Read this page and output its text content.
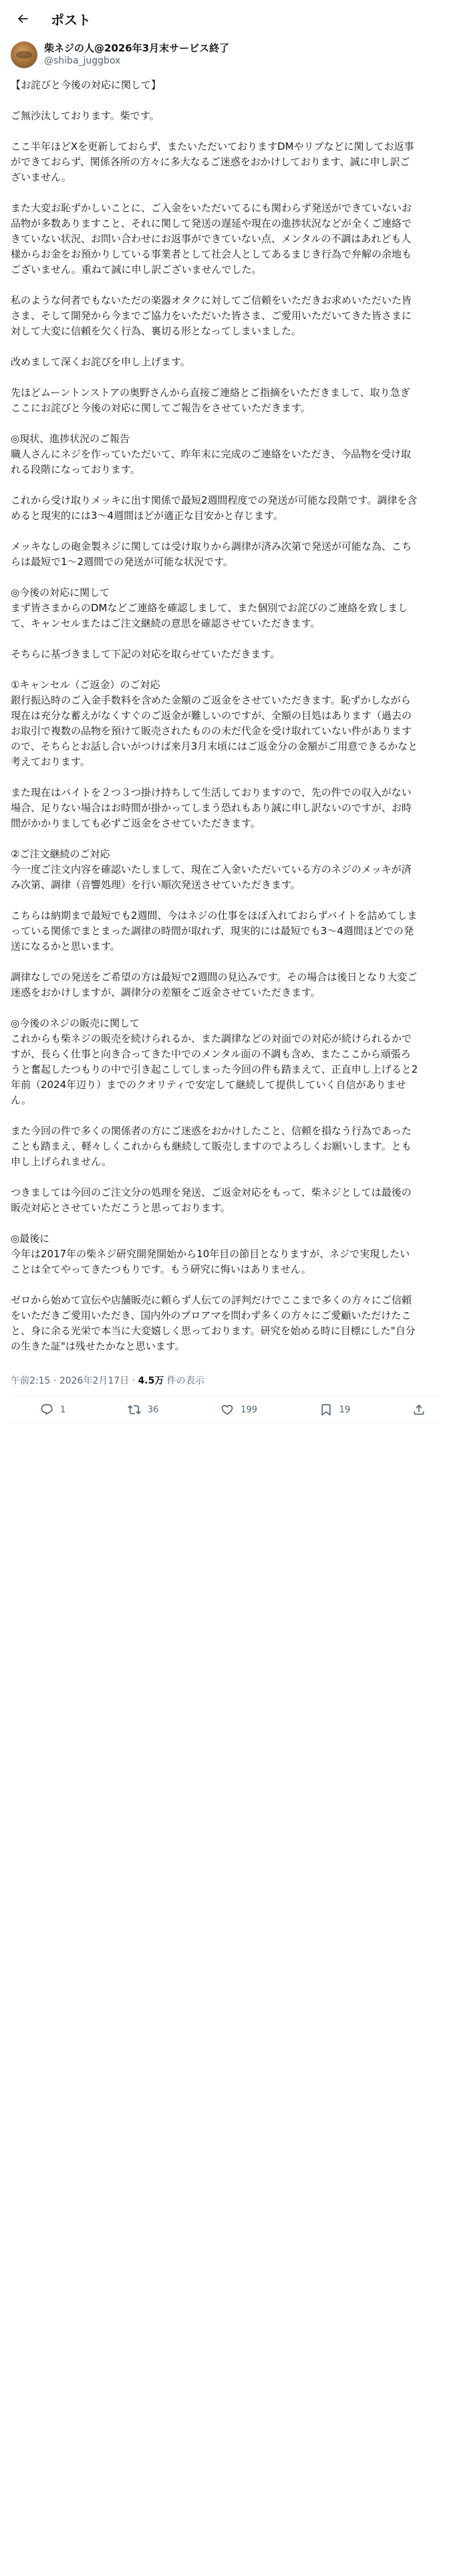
ポスト
柴ネジの人@2026年3月末サービス終了
@shiba_juggbox

【お詫びと今後の対応に関して】

ご無沙汰しております。柴です。

ここ半年ほどXを更新しておらず、またいただいておりますDMやリプなどに関してお返事ができておらず、関係各所の方々に多大なるご迷惑をおかけしております、誠に申し訳ございません。

また大変お恥ずかしいことに、ご入金をいただいてるにも関わらず発送ができていないお品物が多数ありますこと、それに関して発送の遅延や現在の進捗状況などが全くご連絡できていない状況、お問い合わせにお返事ができていない点、メンタルの不調はあれども人様からお金をお預かりしている事業者として社会人としてあるまじき行為で弁解の余地もございません。重ねて誠に申し訳ございませんでした。

私のような何者でもないただの楽器オタクに対してご信頼をいただきお求めいただいた皆さま、そして開発から今までご協力をいただいた皆さま、ご愛用いただいてきた皆さまに対して大変に信頼を欠く行為、裏切る形となってしまいました。

改めまして深くお詫びを申し上げます。

先ほどムーントンストアの奥野さんから直接ご連絡とご指摘をいただきまして、取り急ぎここにお詫びと今後の対応に関してご報告をさせていただきます。

◎現状、進捗状況のご報告
職人さんにネジを作っていただいて、昨年末に完成のご連絡をいただき、今品物を受け取れる段階になっております。

これから受け取りメッキに出す関係で最短2週間程度での発送が可能な段階です。調律を含めると現実的には3〜4週間ほどが適正な目安かと存じます。

メッキなしの砲金製ネジに関しては受け取りから調律が済み次第で発送が可能な為、こちらは最短で1〜2週間での発送が可能な状況です。

◎今後の対応に関して
まず皆さまからのDMなどご連絡を確認しまして、また個別でお詫びのご連絡を致しまして、キャンセルまたはご注文継続の意思を確認させていただきます。

そちらに基づきまして下記の対応を取らせていただきます。

①キャンセル（ご返金）のご対応
銀行振込時のご入金手数料を含めた金額のご返金をさせていただきます。恥ずかしながら現在は充分な蓄えがなくすぐのご返金が難しいのですが、全額の目処はあります（過去のお取引で複数の品物を預けて販売されたものの未だ代金を受け取れていない件がありますので、そちらとお話し合いがつけば来月3月末頃にはご返金分の金額がご用意できるかなと考えております。

また現在はバイトを２つ３つ掛け持ちして生活しておりますので、先の件での収入がない場合、足りない場合はお時間が掛かってしまう恐れもあり誠に申し訳ないのですが、お時間がかかりましても必ずご返金をさせていただきます。

②ご注文継続のご対応
今一度ご注文内容を確認いたしまして、現在ご入金いただいている方のネジのメッキが済み次第、調律（音響処理）を行い順次発送させていただきます。

こちらは納期まで最短でも2週間、今はネジの仕事をほぼ入れておらずバイトを詰めてしまっている関係でまとまった調律の時間が取れず、現実的には最短でも3〜4週間ほどでの発送になるかと思います。

調律なしでの発送をご希望の方は最短で2週間の見込みです。その場合は後日となり大変ご迷惑をおかけしますが、調律分の差額をご返金させていただきます。

◎今後のネジの販売に関して
これからも柴ネジの販売を続けられるか、また調律などの対面での対応が続けられるかですが、長らく仕事と向き合ってきた中でのメンタル面の不調も含め、またここから頑張ろうと奮起したつもりの中で引き起こしてしまった今回の件も踏まえて、正直申し上げると2年前（2024年辺り）までのクオリティで安定して継続して提供していく自信がありません。

また今回の件で多くの関係者の方にご迷惑をおかけしたこと、信頼を損なう行為であったことも踏まえ、軽々しくこれからも継続して販売しますのでよろしくお願いします。とも申し上げられません。

つきましては今回のご注文分の処理を発送、ご返金対応をもって、柴ネジとしては最後の販売対応とさせていただこうと思っております。

◎最後に
今年は2017年の柴ネジ研究開発開始から10年目の節目となりますが、ネジで実現したいことは全てやってきたつもりです。もう研究に悔いはありません。

ゼロから始めて宣伝や店舗販売に頼らず人伝ての評判だけでここまで多くの方々にご信頼をいただきご愛用いただき、国内外のプロアマを問わず多くの方々にご愛顧いただけたこと、身に余る光栄で本当に大変嬉しく思っております。研究を始める時に目標にした"自分の生きた証"は残せたかなと思います。

午前2:15 · 2026年2月17日 · 4.5万 件の表示
1	36	199	19
